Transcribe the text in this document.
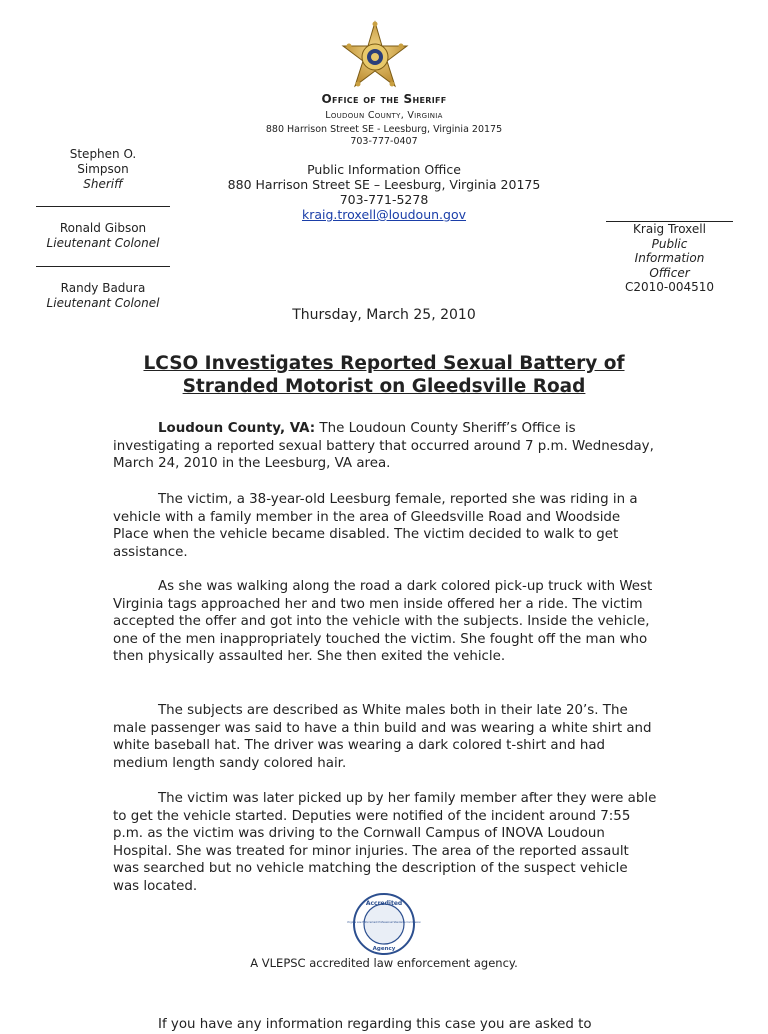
Office of the Sheriff
Loudoun County, Virginia
880 Harrison Street SE - Leesburg, Virginia 20175
703-777-0407
Stephen O.
Simpson
Sheriff
Ronald Gibson
Lieutenant Colonel
Randy Badura
Lieutenant Colonel
Public Information Office
880 Harrison Street SE – Leesburg, Virginia 20175
703-771-5278
kraig.troxell@loudoun.gov
Kraig Troxell
Public
Information
Officer
C2010-004510
Thursday, March 25, 2010
LCSO Investigates Reported Sexual Battery of
Stranded Motorist on Gleedsville Road

Loudoun County, VA: The Loudoun County Sheriff’s Office is investigating a reported sexual battery that occurred around 7 p.m. Wednesday, March 24, 2010 in the Leesburg, VA area.

The victim, a 38-year-old Leesburg female, reported she was riding in a vehicle with a family member in the area of Gleedsville Road and Woodside Place when the vehicle became disabled. The victim decided to walk to get assistance.

As she was walking along the road a dark colored pick-up truck with West Virginia tags approached her and two men inside offered her a ride. The victim accepted the offer and got into the vehicle with the subjects. Inside the vehicle, one of the men inappropriately touched the victim. She fought off the man who then physically assaulted her. She then exited the vehicle.

The subjects are described as White males both in their late 20’s. The male passenger was said to have a thin build and was wearing a white shirt and white baseball hat. The driver was wearing a dark colored t-shirt and had medium length sandy colored hair.

The victim was later picked up by her family member after they were able to get the vehicle started. Deputies were notified of the incident around 7:55 p.m. as the victim was driving to the Cornwall Campus of INOVA Loudoun Hospital. She was treated for minor injuries. The area of the reported assault was searched but no vehicle matching the description of the suspect vehicle was located.

Accredited
Virginia Law Enforcement Professional Standards Commission
Agency
A VLEPSC accredited law enforcement agency.

If you have any information regarding this case you are asked to
